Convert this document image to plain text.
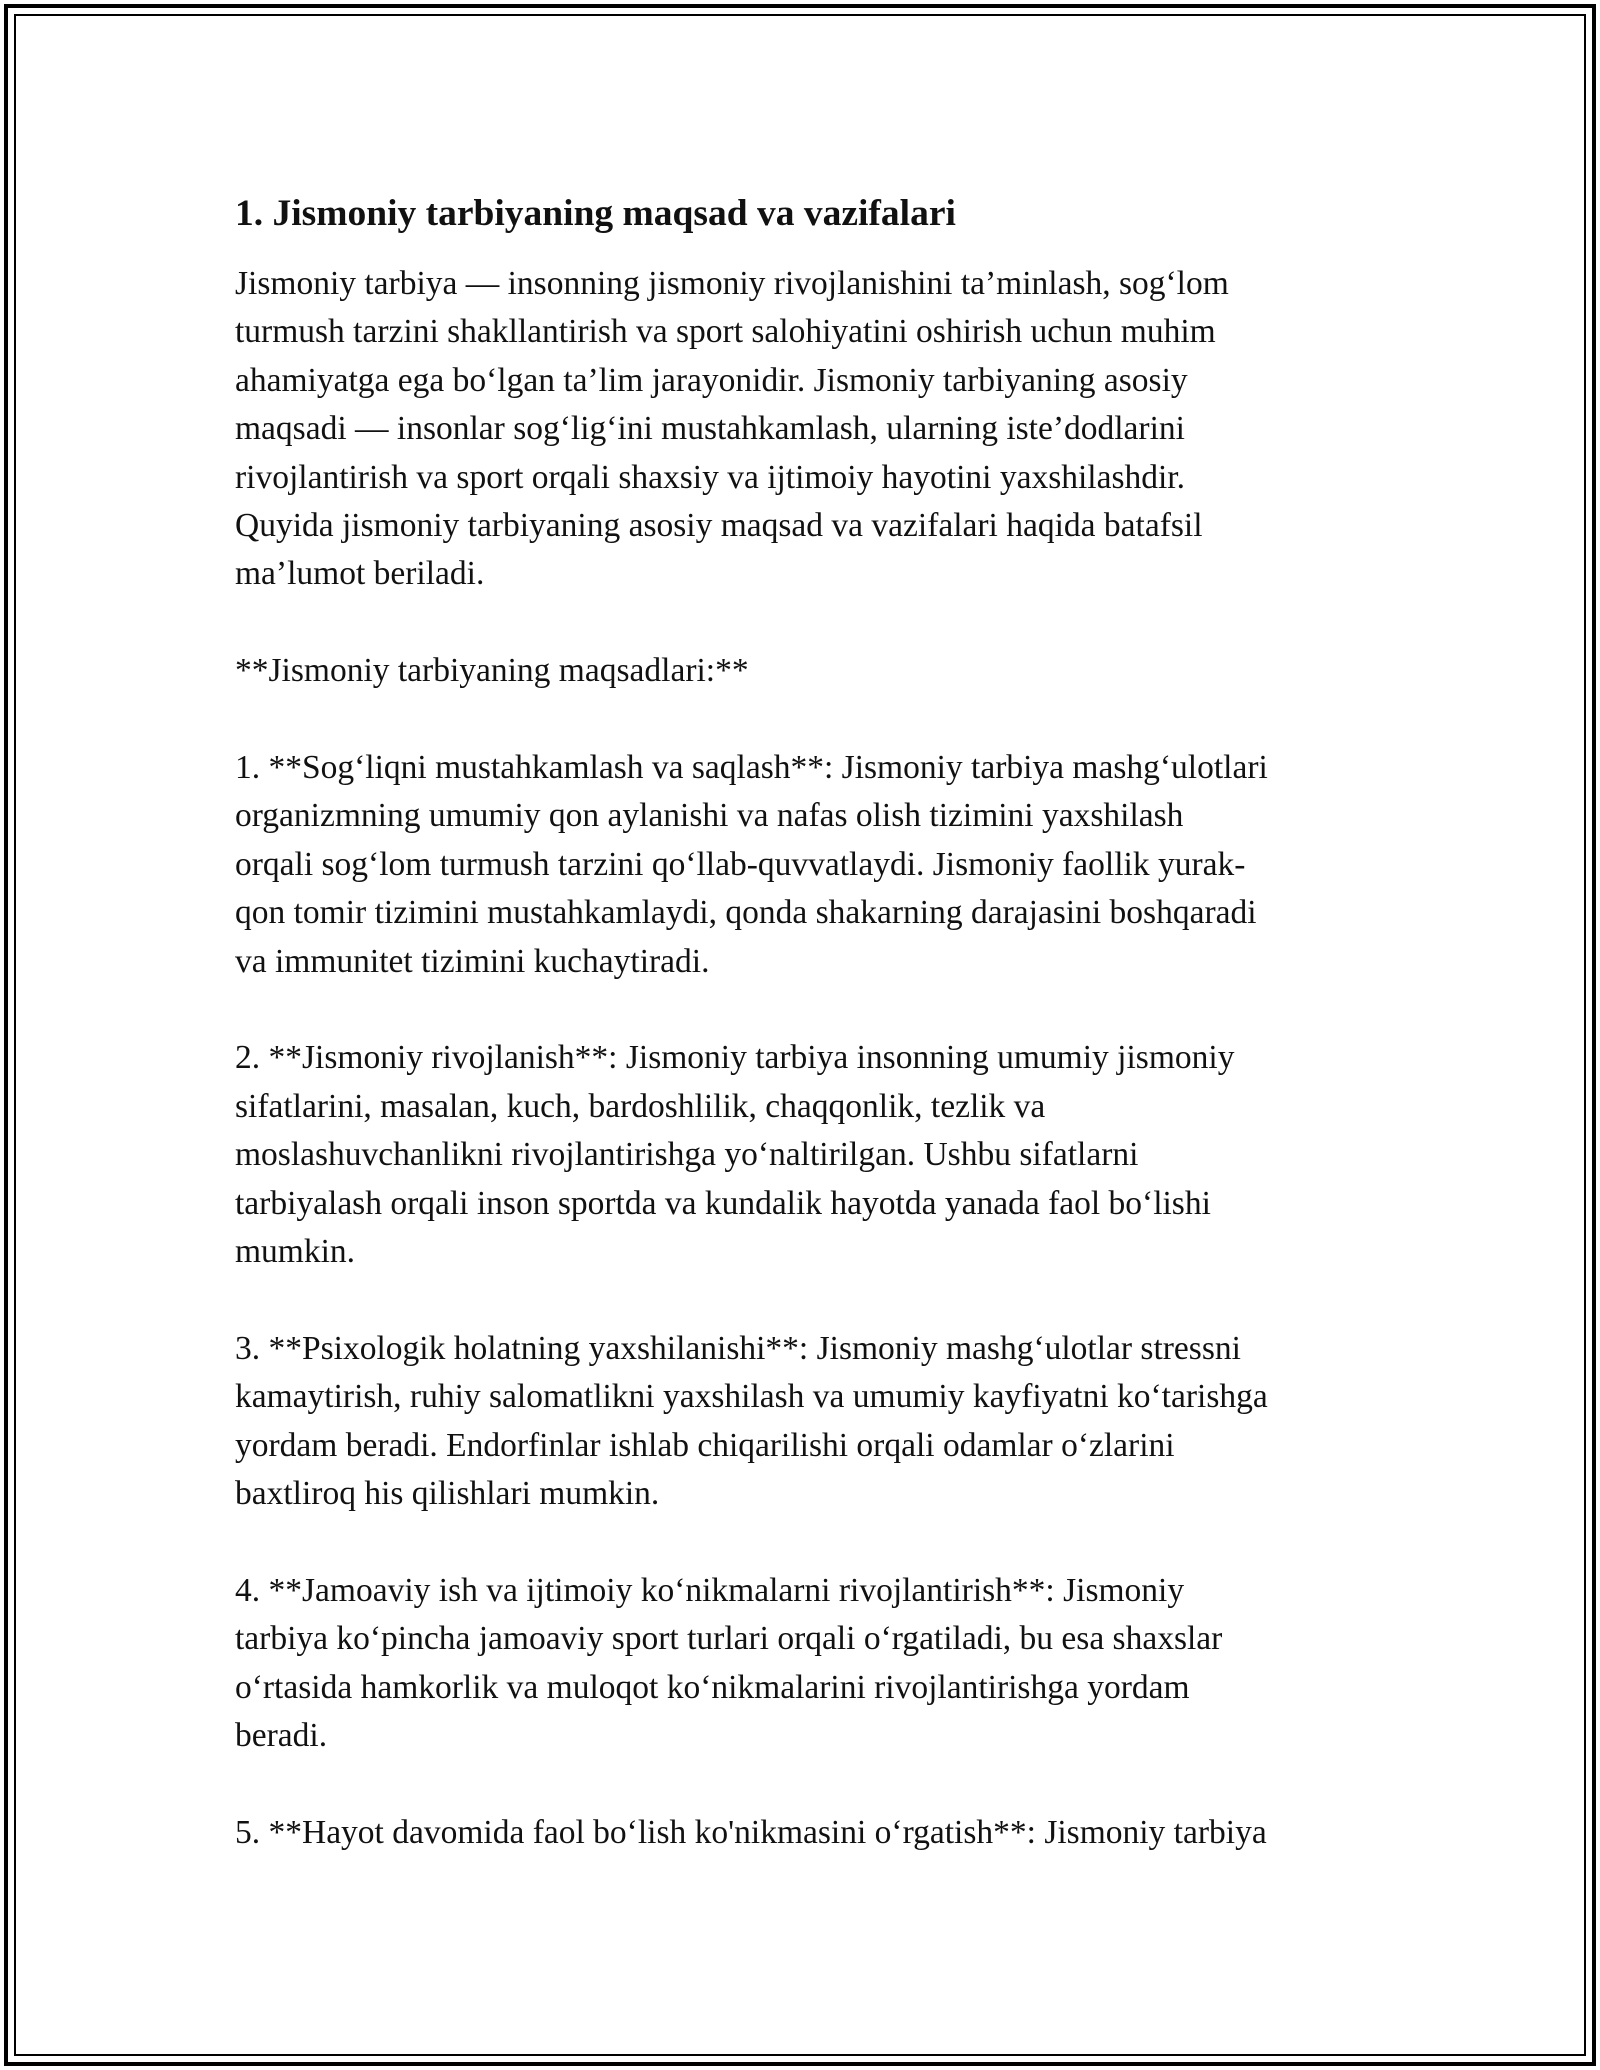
1. Jismoniy tarbiyaning maqsad va vazifalari

Jismoniy tarbiya — insonning jismoniy rivojlanishini ta’minlash, sog‘lom
turmush tarzini shakllantirish va sport salohiyatini oshirish uchun muhim
ahamiyatga ega bo‘lgan ta’lim jarayonidir. Jismoniy tarbiyaning asosiy
maqsadi — insonlar sog‘lig‘ini mustahkamlash, ularning iste’dodlarini
rivojlantirish va sport orqali shaxsiy va ijtimoiy hayotini yaxshilashdir.
Quyida jismoniy tarbiyaning asosiy maqsad va vazifalari haqida batafsil
ma’lumot beriladi.

**Jismoniy tarbiyaning maqsadlari:**

1. **Sog‘liqni mustahkamlash va saqlash**: Jismoniy tarbiya mashg‘ulotlari
organizmning umumiy qon aylanishi va nafas olish tizimini yaxshilash
orqali sog‘lom turmush tarzini qo‘llab-quvvatlaydi. Jismoniy faollik yurak-
qon tomir tizimini mustahkamlaydi, qonda shakarning darajasini boshqaradi
va immunitet tizimini kuchaytiradi.

2. **Jismoniy rivojlanish**: Jismoniy tarbiya insonning umumiy jismoniy
sifatlarini, masalan, kuch, bardoshlilik, chaqqonlik, tezlik va
moslashuvchanlikni rivojlantirishga yo‘naltirilgan. Ushbu sifatlarni
tarbiyalash orqali inson sportda va kundalik hayotda yanada faol bo‘lishi
mumkin.

3. **Psixologik holatning yaxshilanishi**: Jismoniy mashg‘ulotlar stressni
kamaytirish, ruhiy salomatlikni yaxshilash va umumiy kayfiyatni ko‘tarishga
yordam beradi. Endorfinlar ishlab chiqarilishi orqali odamlar o‘zlarini
baxtliroq his qilishlari mumkin.

4. **Jamoaviy ish va ijtimoiy ko‘nikmalarni rivojlantirish**: Jismoniy
tarbiya ko‘pincha jamoaviy sport turlari orqali o‘rgatiladi, bu esa shaxslar
o‘rtasida hamkorlik va muloqot ko‘nikmalarini rivojlantirishga yordam
beradi.

5. **Hayot davomida faol bo‘lish ko'nikmasini o‘rgatish**: Jismoniy tarbiya
